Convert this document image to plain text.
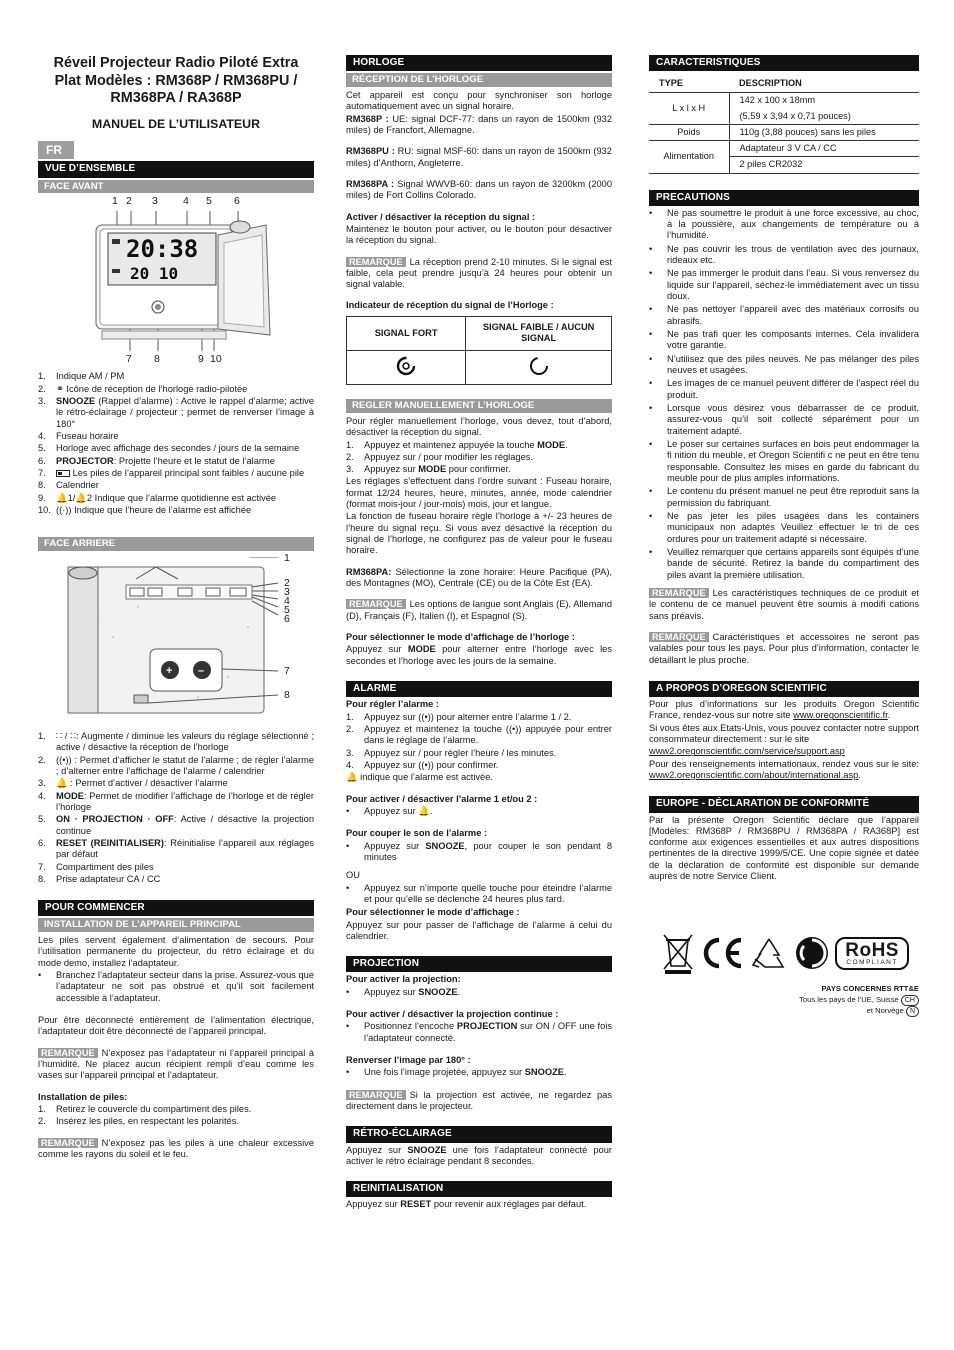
Réveil Projecteur Radio Piloté Extra Plat Modèles : RM368P / RM368PU / RM368PA / RA368P
MANUEL DE L’UTILISATEUR
FR
VUE D’ENSEMBLE
FACE AVANT
1 2 3 4 5 6
20:38
20 10
7 8	9 10
1.	Indique AM / PM
2.	⚭ Icône de réception de l’horloge radio-pilotée
3.	SNOOZE (Rappel d’alarme) : Active le rappel d’alarme; active le rétro-éclairage / projecteur ; permet de renverser l’image à 180°
4.	Fuseau horaire
5.	Horloge avec affichage des secondes / jours de la semaine
6.	PROJECTOR: Projette l’heure et le statut de l’alarme
7.	Les piles de l’appareil principal sont faibles / aucune pile
8.	Calendrier
9.	🔔1/🔔2 Indique que l’alarme quotidienne est activée
10. ((·)) Indique que l’heure de l’alarme est affichée
FACE ARRIERE
+ –
1
2
3
4
5
6
7
8
1.	∷ / ∷: Augmente / diminue les valeurs du réglage sélectionné ; active / désactive la réception de l’horloge
2.	((•)) : Permet d’afficher le statut de l’alarme ; de régler l’alarme ; d’alterner entre l’affichage de l’alarme / calendrier
3.	🔔 : Permet d’activer / désactiver l’alarme
4.	MODE: Permet de modifier l’affichage de l’horloge et de régler l’horloge
5.	ON · PROJECTION · OFF: Active / désactive la projection continue
6.	RESET (REINITIALISER): Réinitialise l’appareil aux réglages par défaut
7.	Compartiment des piles
8.	Prise adaptateur CA / CC
POUR COMMENCER
INSTALLATION DE L’APPAREIL PRINCIPAL

Les piles servent également d’alimentation de secours. Pour l’utilisation permanente du projecteur, du rétro éclairage et du mode demo, installez l’adaptateur.

•	Branchez l’adaptateur secteur dans la prise. Assurez-vous que l’adaptateur ne soit pas obstrué et qu’il soit facilement accessible à l’adaptateur.

Pour être déconnecté entièrement de l’alimentation électrique, l’adaptateur doit être déconnecté de l’appareil principal.

REMARQUE N’exposez pas l’adaptateur ni l’appareil principal à l’humidité. Ne placez aucun récipient rempli d’eau comme les vases sur l’appareil principal et l’adaptateur.

Installation de piles:
1.	Retirez le couvercle du compartiment des piles.
2.	Insérez les piles, en respectant les polarités.

REMARQUE N’exposez pas les piles à une chaleur excessive comme les rayons du soleil et le feu.

HORLOGE
RÉCEPTION DE L’HORLOGE

Cet appareil est conçu pour synchroniser son horloge automatiquement avec un signal horaire.

RM368P : UE: signal DCF-77: dans un rayon de 1500km (932 miles) de Francfort, Allemagne.

RM368PU : RU: signal MSF-60: dans un rayon de 1500km (932 miles) d’Anthorn, Angleterre.

RM368PA : Signal WWVB-60: dans un rayon de 3200km (2000 miles) de Fort Collins Colorado.

Activer / désactiver la réception du signal :

Maintenez le bouton pour activer, ou le bouton pour désactiver la réception du signal.

REMARQUE La réception prend 2-10 minutes. Si le signal est faible, cela peut prendre jusqu’à 24 heures pour obtenir un signal valable.

Indicateur de réception du signal de l’Horloge :
SIGNAL FORT	SIGNAL FAIBLE / AUCUN SIGNAL

REGLER MANUELLEMENT L’HORLOGE

Pour régler manuellement l’horloge, vous devez, tout d’abord, désactiver la réception du signal.

1.	Appuyez et maintenez appuyée la touche MODE.
2.	Appuyez sur / pour modifier les réglages.
3.	Appuyez sur MODE pour confirmer.

Les réglages s’effectuent dans l’ordre suivant : Fuseau horaire, format 12/24 heures, heure, minutes, année, mode calendrier (format mois-jour / jour-mois) mois, jour et langue.

La fonction de fuseau horaire règle l’horloge à +/- 23 heures de l’heure du signal reçu. Si vous avez désactivé la réception du signal de l’horloge, ne configurez pas de valeur pour le fuseau horaire.

RM368PA: Sélectionne la zone horaire: Heure Pacifique (PA), des Montagnes (MO), Centrale (CE) ou de la Côte Est (EA).

REMARQUE Les options de langue sont Anglais (E), Allemand (D), Français (F), Italien (I), et Espagnol (S).

Pour sélectionner le mode d’affichage de l’horloge :

Appuyez sur MODE pour alterner entre l’horloge avec les secondes et l’horloge avec les jours de la semaine.

ALARME
Pour régler l’alarme :
1.	Appuyez sur ((•)) pour alterner entre l’alarme 1 / 2.
2.	Appuyez et maintenez la touche ((•)) appuyée pour entrer dans le réglage de l’alarme.
3.	Appuyez sur / pour régler l’heure / les minutes.
4.	Appuyez sur ((•)) pour confirmer.

🔔 indique que l’alarme est activée.

Pour activer / désactiver l’alarme 1 et/ou 2 :
•	Appuyez sur 🔔.
Pour couper le son de l’alarme :
•	Appuyez sur SNOOZE, pour couper le son pendant 8 minutes

OU

•	Appuyez sur n’importe quelle touche pour éteindre l’alarme et pour qu’elle se déclenche 24 heures plus tard.
Pour sélectionner le mode d’affichage :

Appuyez sur pour passer de l’affichage de l’alarme à celui du calendrier.

PROJECTION
Pour activer la projection:
•	Appuyez sur SNOOZE.
Pour activer / désactiver la projection continue :
•	Positionnez l’encoche PROJECTION sur ON / OFF une fois l’adaptateur connecté.
Renverser l’image par 180° :
•	Une fois l’image projetée, appuyez sur SNOOZE.

REMARQUE Si la projection est activée, ne regardez pas directement dans le projecteur.

RÉTRO-ÉCLAIRAGE

Appuyez sur SNOOZE une fois l’adaptateur connecté pour activer le rétro éclairage pendant 8 secondes.

REINITIALISATION

Appuyez sur RESET pour revenir aux réglages par défaut.

CARACTERISTIQUES
TYPE	DESCRIPTION
L x l x H	142 x 100 x 18mm
	(5,59 x 3,94 x 0,71 pouces)
Poids	110g (3,88 pouces) sans les piles
Alimentation	Adaptateur 3 V CA / CC
	2 piles CR2032
PRECAUTIONS
•	Ne pas soumettre le produit à une force excessive, au choc, à la poussière, aux changements de température ou à l’humidité.
•	Ne pas couvrir les trous de ventilation avec des journaux, rideaux etc.
•	Ne pas immerger le produit dans l’eau. Si vous renversez du liquide sur l’appareil, séchez-le immédiatement avec un tissu doux.
•	Ne pas nettoyer l’appareil avec des matériaux corrosifs ou abrasifs.
•	Ne pas trafi quer les composants internes. Cela invalidera votre garantie.
•	N’utilisez que des piles neuves. Ne pas mélanger des piles neuves et usagées.
•	Les images de ce manuel peuvent différer de l’aspect réel du produit.
•	Lorsque vous désirez vous débarrasser de ce produit, assurez-vous qu’il soit collecté séparément pour un traitement adapté.
•	Le poser sur certaines surfaces en bois peut endommager la fi nition du meuble, et Oregon Scientifi c ne peut en être tenu responsable. Consultez les mises en garde du fabricant du meuble pour de plus amples informations.
•	Le contenu du présent manuel ne peut être reproduit sans la permission du fabriquant.
•	Ne pas jeter les piles usagées dans les containers municipaux non adaptés Veuillez effectuer le tri de ces ordures pour un traitement adapté si nécessaire.
•	Veuillez remarquer que certains appareils sont équipés d’une bande de sécurité. Retirez la bande du compartiment des piles avant la première utilisation.

REMARQUE Les caractéristiques techniques de ce produit et le contenu de ce manuel peuvent être soumis à modifi cations sans préavis.

REMARQUE Caractéristiques et accessoires ne seront pas valables pour tous les pays. Pour plus d’information, contacter le détaillant le plus proche.

A PROPOS D’OREGON SCIENTIFIC

Pour plus d’informations sur les produits Oregon Scientific France, rendez-vous sur notre site www.oregonscientific.fr.

Si vous êtes aux Etats-Unis, vous pouvez contacter notre support consommateur directement : sur le site

www2.oregonscientific.com/service/support.asp

Pour des renseignements internationaux, rendez vous sur le site: www2.oregonscientific.com/about/international.asp.

EUROPE - DÉCLARATION DE CONFORMITÉ

Par la présente Oregon Scientific déclare que l’appareil [Modèles: RM368P / RM368PU / RM368PA / RA368P] est conforme aux exigences essentielles et aux autres dispositions pertinentes de la directive 1999/5/CE. Une copie signée et datée de la déclaration de conformité est disponible sur demande auprès de notre Service Client.

RoHS
COMPLIANT
PAYS CONCERNES RTT&E
Tous les pays de l’UE, Suisse CH
et Norvège N
